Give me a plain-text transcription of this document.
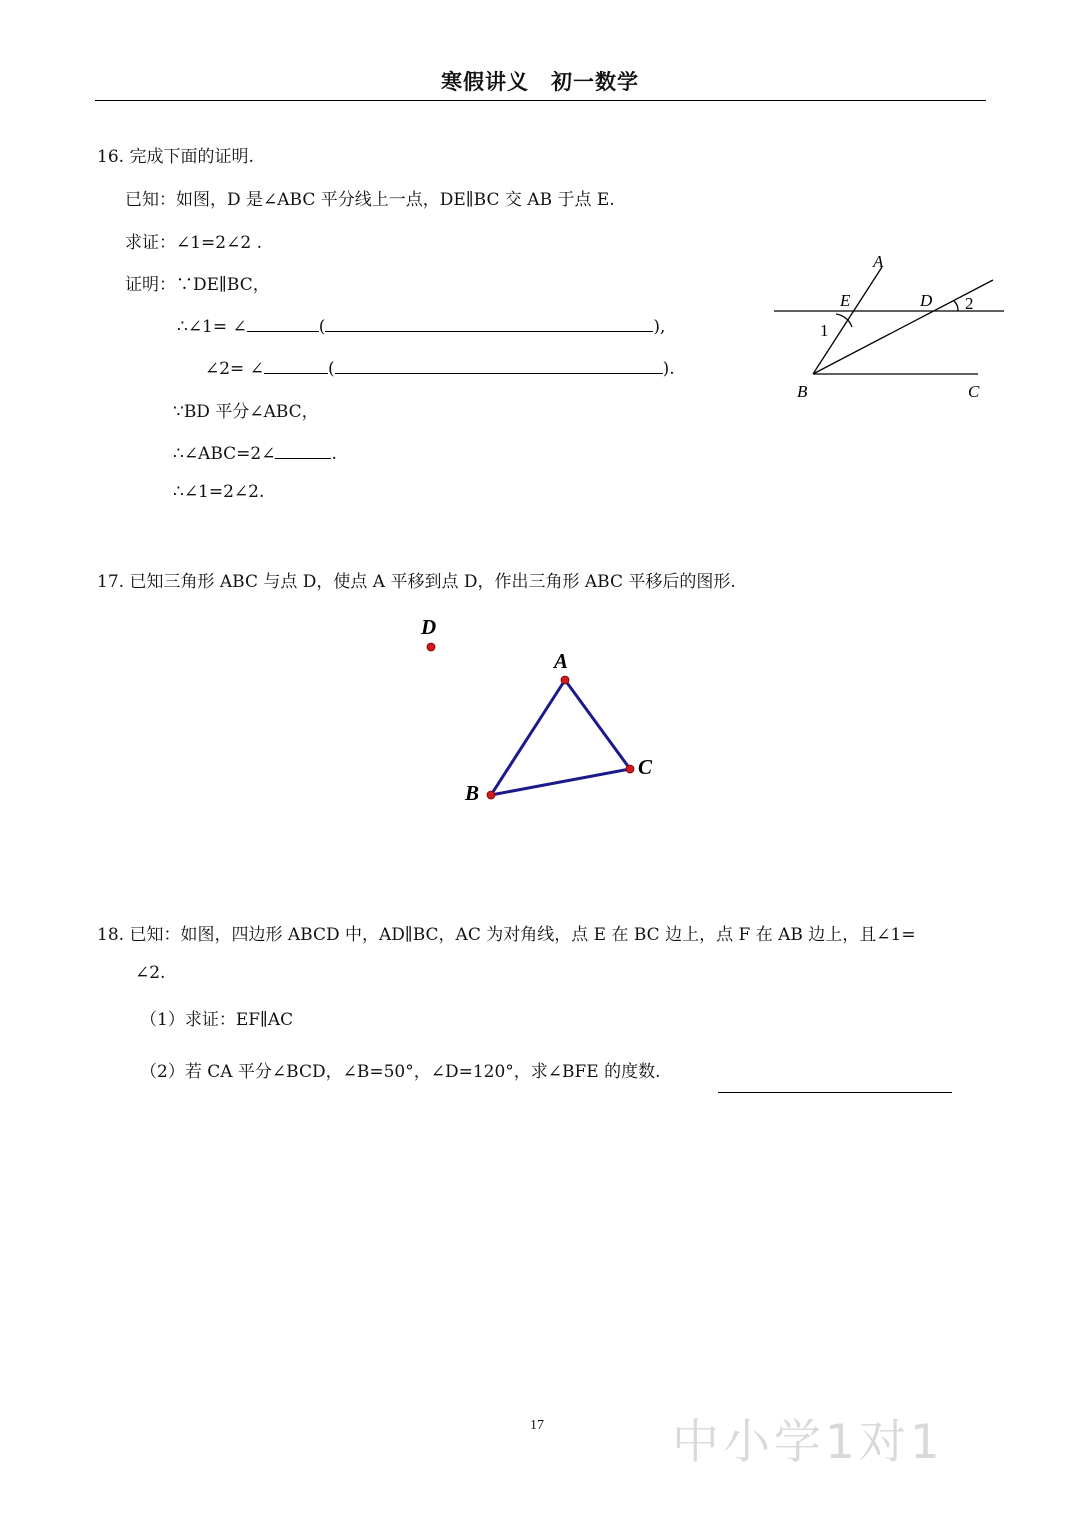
寒假讲义　初一数学
16. 完成下面的证明.
已知：如图，D 是∠ABC 平分线上一点，DE∥BC 交 AB 于点 E.
求证：∠1=2∠2 .
证明：∵DE∥BC，
∴∠1= ∠	(	),
∠2= ∠	(	).
∵BD 平分∠ABC，
∴∠ABC=2∠	.
∴∠1=2∠2.
A
E	D
B	C
2
1
17. 已知三角形 ABC 与点 D，使点 A 平移到点 D，作出三角形 ABC 平移后的图形.
A
B
C
D
18. 已知：如图，四边形 ABCD 中，AD∥BC，AC 为对角线，点 E 在 BC 边上，点 F 在 AB 边上，且∠1=
∠2.
（1）求证：EF∥AC
（2）若 CA 平分∠BCD，∠B=50°，∠D=120°，求∠BFE 的度数.
17	中小学1对1
